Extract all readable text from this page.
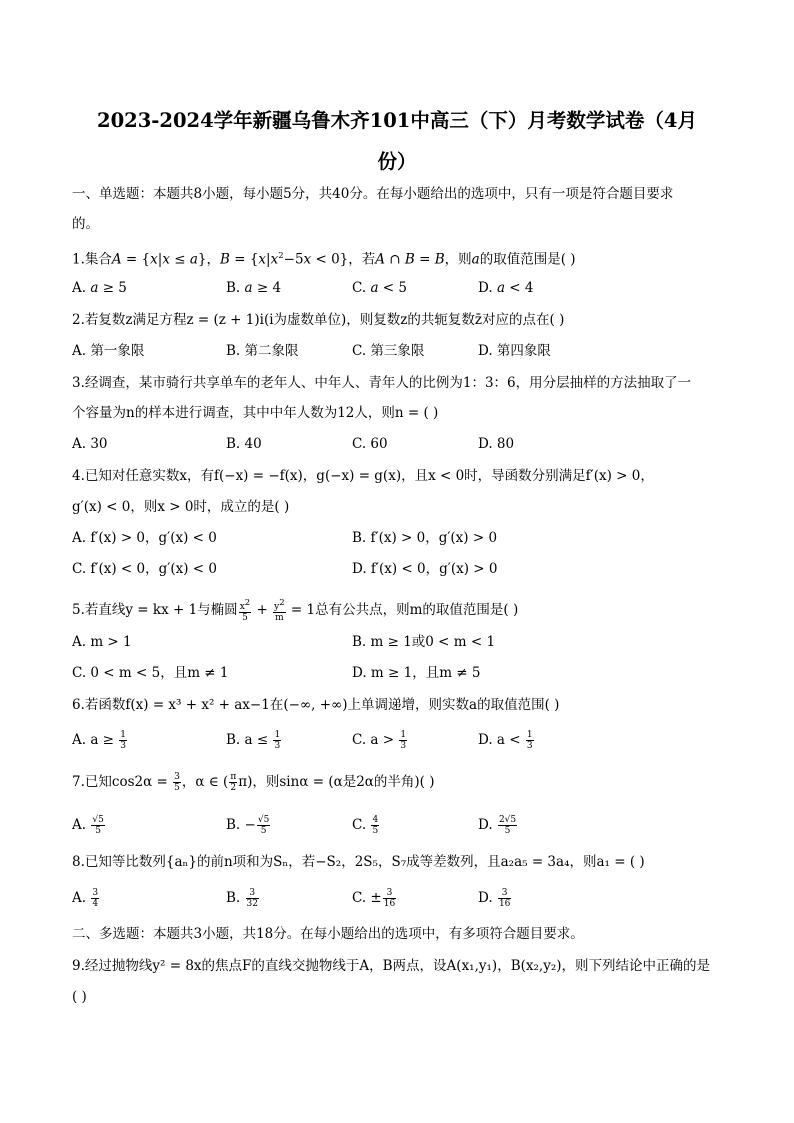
2023-2024学年新疆乌鲁木齐101中高三（下）月考数学试卷（4月
份）
一、单选题：本题共8小题，每小题5分，共40分。在每小题给出的选项中，只有一项是符合题目要求
的。
1.集合A = {x|x ≤ a}，$B = \{x|x^2-5x < 0\}$，若A ∩ B = B，则a的取值范围是( )
A. a ≥ 5	B. a ≥ 4	C. a < 5	D. a < 4
2.若复数z满足方程z = (z + 1)i(i为虚数单位)，则复数z的共轭复数z̄对应的点在( )
A. 第一象限	B. 第二象限	C. 第三象限	D. 第四象限
3.经调查，某市骑行共享单车的老年人、中年人、青年人的比例为1：3：6，用分层抽样的方法抽取了一
个容量为n的样本进行调查，其中中年人数为12人，则n = ( )
A. 30	B. 40	C. 60	D. 80
4.已知对任意实数x，有f(−x) = −f(x)，g(−x) = g(x)，且x < 0时，导函数分别满足f′(x) > 0，
g′(x) < 0，则x > 0时，成立的是( )
A. f′(x) > 0，g′(x) < 0	B. f′(x) > 0，g′(x) > 0
C. f′(x) < 0，g′(x) < 0	D. f′(x) < 0，g′(x) > 0
5.若直线y = kx + 1与椭圆 $\frac{x^2}{5} + \frac{y^2}{m} = 1$总有公共点，则m的取值范围是( )
A. m > 1	B. m ≥ 1或0 < m < 1
C. 0 < m < 5，且m ≠ 1	D. m ≥ 1，且m ≠ 5
6.若函数f(x) = x³ + x² + ax−1在(−∞, +∞)上单调递增，则实数a的取值范围( )
A. $a \ge \frac{1}{3}$	B. $a \le \frac{1}{3}$	C. $a > \frac{1}{3}$	D. $a < \frac{1}{3}$
7.已知$\cos 2\alpha = \frac{3}{5}$ ，α ∈ ( $\frac{\pi}{2} \pi$)，则sinα = (α是2α的半角)( )
A. $\frac{√5}{5}$	B. − $\frac{√5}{5}$	C. $\frac{4}{5}$	D. $\frac{2√5}{5}$
8.已知等比数列{aₙ}的前n项和为Sₙ，若−S₂，2S₅，S₇成等差数列，且a₂a₅ = 3a₄，则a₁ = ( )
A. $\frac{3}{4}$	B. $\frac{3}{32}$	C. ± $\frac{3}{16}$	D. $\frac{3}{16}$
二、多选题：本题共3小题，共18分。在每小题给出的选项中，有多项符合题目要求。
9.经过抛物线y² = 8x的焦点F的直线交抛物线于A，B两点，设A(x₁,y₁)，B(x₂,y₂)，则下列结论中正确的是
( )
